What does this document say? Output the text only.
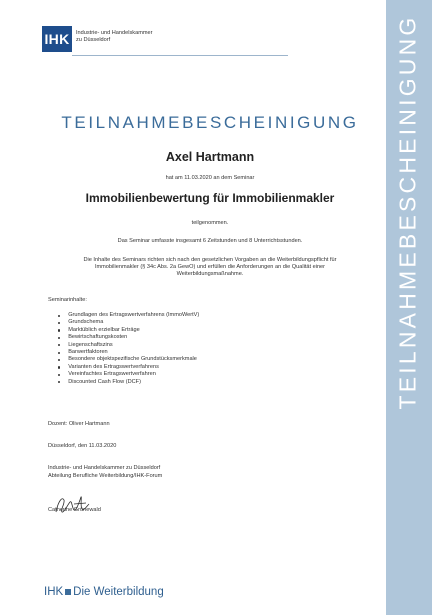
TEILNAHMEBESCHEINIGUNG
IHK	Industrie- und Handelskammer
zu Düsseldorf
TEILNAHMEBESCHEINIGUNG
Axel Hartmann
hat am 11.03.2020 an dem Seminar
Immobilienbewertung für Immobilienmakler
teilgenommen.
Das Seminar umfasste insgesamt 6 Zeitstunden und 8 Unterrichtsstunden.
Die Inhalte des Seminars richten sich nach den gesetzlichen Vorgaben an die Weiterbildungspflicht für
Immobilienmakler (§ 34c Abs. 2a GewO) und erfüllen die Anforderungen an die Qualität einer
Weiterbildungsmaßnahme.
Seminarinhalte:
Grundlagen des Ertragswertverfahrens (ImmoWertV)
Grundschema
Marktüblich erzielbar Erträge
Bewirtschaftungskosten
Liegenschaftszins
Barwertfaktoren
Besondere objektspezifische Grundstücksmerkmale
Varianten des Ertragswertverfahrens
Vereinfachtes Ertragswertverfahren
Discounted Cash Flow (DCF)
Dozent: Oliver Hartmann
Düsseldorf, den 11.03.2020
Industrie- und Handelskammer zu Düsseldorf
Abteilung Berufliche Weiterbildung/IHK-Forum
Catherine Grünewald
IHK Die Weiterbildung
